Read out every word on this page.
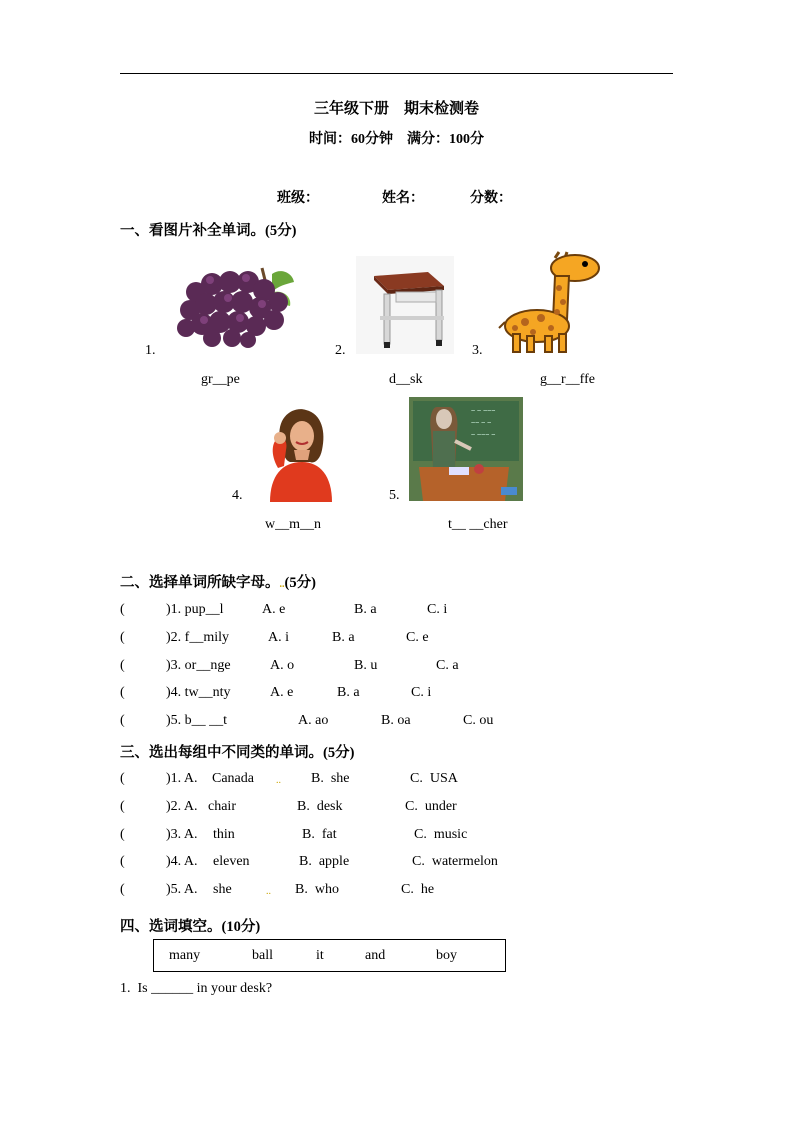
三年级下册    期末检测卷
时间：60分钟    满分：100分
班级：	姓名：	分数：
一、看图片补全单词。(5分)
1.
gr__pe
2.
d__sk
3.
g__r__ffe
4.
w__m__n
~ ~ ~~~
~~ ~ ~
~ ~~~ ~
5.
t__ __cher
二、选择单词所缺字母。..(5分)
(	)1. pup__l	A. e	B. a	C. i
(	)2. f__mily	A. i	B. a	C. e
(	)3. or__nge	A. o	B. u	C. a
(	)4. tw__nty	A. e	B. a	C. i
(	)5. b__ __t	A. ao	B. oa	C. ou
三、选出每组中不同类的单词。(5分)
(	)1. A. Canada .. B.  she	C.  USA
(	)2. A. chair	B.  desk	C.  under
(	)3. A. thin	B.  fat	C.  music
(	)4. A. eleven	B.  apple	C.  watermelon
(	)5. A. she	.. B.  who	C.  he
四、选词填空。(10分)
many	ball	it	and	boy
1.  Is ______ in your desk?
